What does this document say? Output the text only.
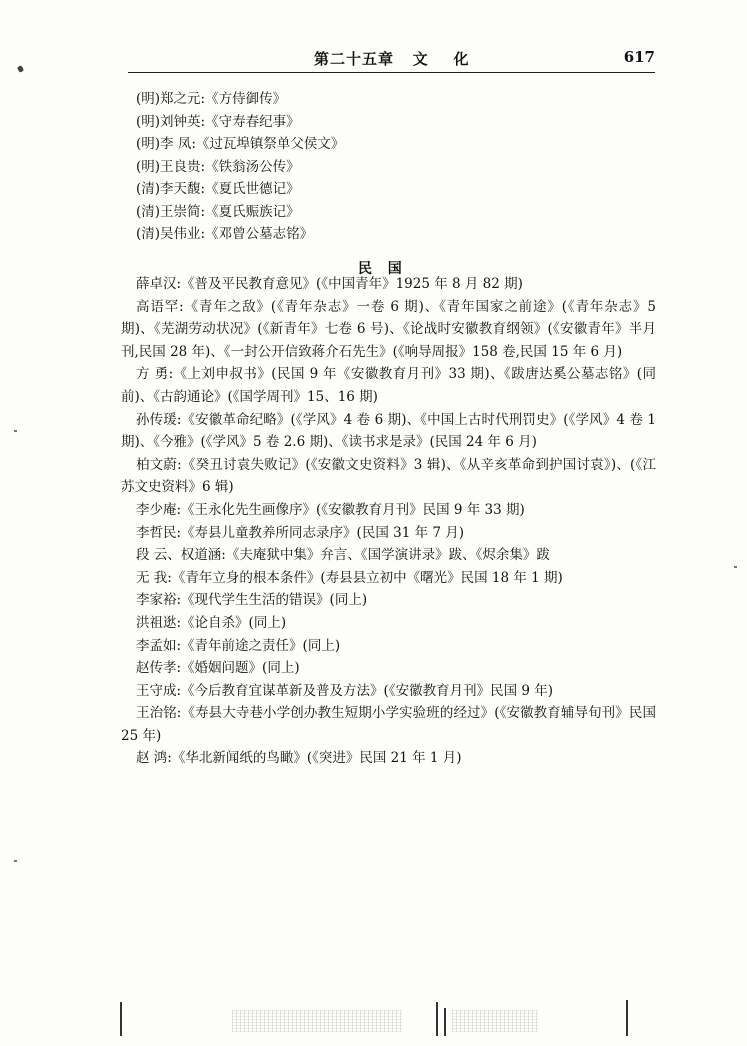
第二十五章   文    化	617
(明)郑之元:《方侍御传》
(明)刘钟英:《守寿春纪事》
(明)李 凤:《过瓦埠镇祭单父侯文》
(明)王良贵:《铁翁汤公传》
(清)李天馥:《夏氏世德记》
(清)王崇简:《夏氏赈族记》
(清)吴伟业:《邓曾公墓志铭》
民  国
薛卓汉:《普及平民教育意见》(《中国青年》1925 年 8 月 82 期)
高语罕:《青年之敌》(《青年杂志》一卷 6 期)、《青年国家之前途》(《青年杂志》5 期)、《芜湖劳动状况》(《新青年》七卷 6 号)、《论战时安徽教育纲领》(《安徽青年》半月刊,民国 28 年)、《一封公开信致蒋介石先生》(《响导周报》158 卷,民国 15 年 6 月)
方 勇:《上刘申叔书》(民国 9 年《安徽教育月刊》33 期)、《跋唐达奚公墓志铭》(同前)、《古韵通论》(《国学周刊》15、16 期)
孙传瑗:《安徽革命纪略》(《学风》4 卷 6 期)、《中国上古时代刑罚史》(《学风》4 卷 1 期)、《今雅》(《学风》5 卷 2.6 期)、《读书求是录》(民国 24 年 6 月)
柏文蔚:《癸丑讨袁失败记》(《安徽文史资料》3 辑)、《从辛亥革命到护国讨袁》)、(《江苏文史资料》6 辑)
李少庵:《王永化先生画像序》(《安徽教育月刊》民国 9 年 33 期)
李哲民:《寿县儿童教养所同志录序》(民国 31 年 7 月)
段 云、权道涵:《夫庵狱中集》弁言、《国学演讲录》跋、《烬余集》跋
无 我:《青年立身的根本条件》(寿县县立初中《曙光》民国 18 年 1 期)
李家裕:《现代学生生活的错误》(同上)
洪祖逖:《论自杀》(同上)
李孟如:《青年前途之责任》(同上)
赵传孝:《婚姻问题》(同上)
王守成:《今后教育宜谋革新及普及方法》(《安徽教育月刊》民国 9 年)
王治铭:《寿县大寺巷小学创办教生短期小学实验班的经过》(《安徽教育辅导旬刊》民国 25 年)
赵 鸿:《华北新闻纸的鸟瞰》(《突进》民国 21 年 1 月)
